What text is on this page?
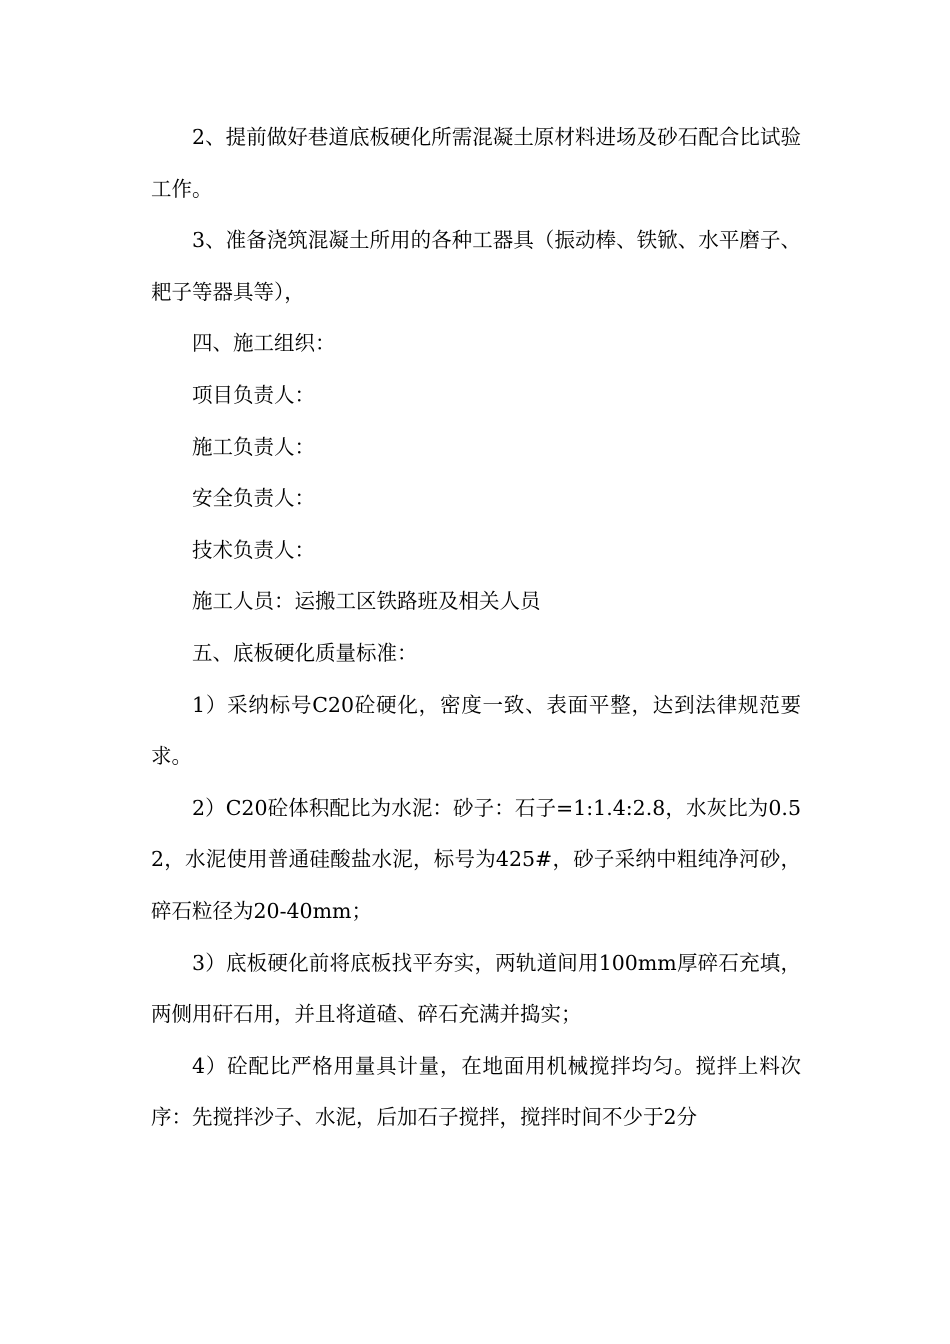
2、提前做好巷道底板硬化所需混凝土原材料进场及砂石配合比试验工作。

3、准备浇筑混凝土所用的各种工器具（振动棒、铁锨、水平磨子、耙子等器具等），

四、施工组织：

项目负责人：

施工负责人：

安全负责人：

技术负责人：

施工人员：运搬工区铁路班及相关人员

五、底板硬化质量标准：

1）采纳标号C20砼硬化，密度一致、表面平整，达到法律规范要求。

2）C20砼体积配比为水泥：砂子：石子=1:1.4:2.8，水灰比为0.52，水泥使用普通硅酸盐水泥，标号为425#，砂子采纳中粗纯净河砂，碎石粒径为20-40mm；

3）底板硬化前将底板找平夯实，两轨道间用100mm厚碎石充填，两侧用矸石用，并且将道碴、碎石充满并捣实；

4）砼配比严格用量具计量，在地面用机械搅拌均匀。搅拌上料次序：先搅拌沙子、水泥，后加石子搅拌，搅拌时间不少于2分
